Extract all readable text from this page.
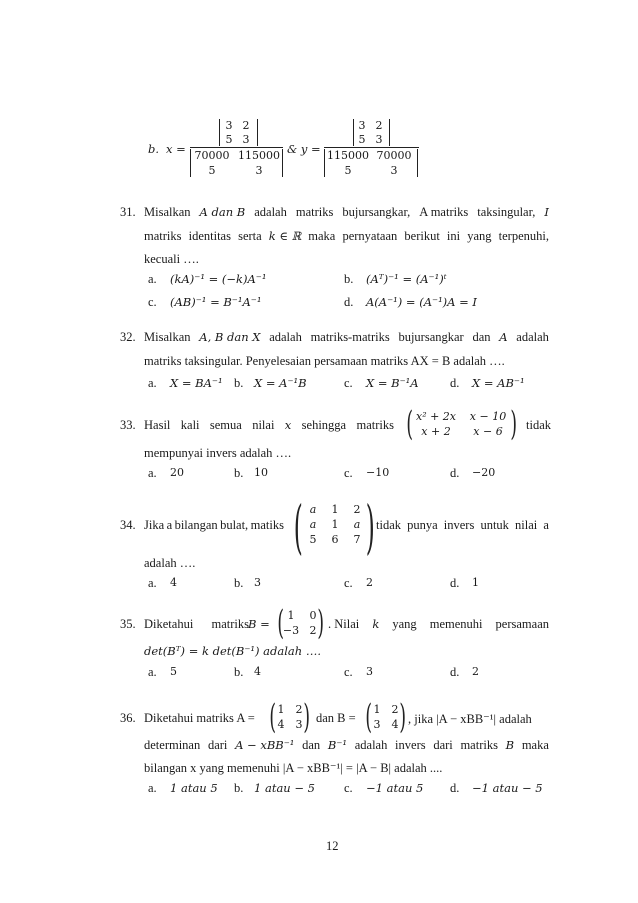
b. x =
3 2
5 3
70000 115000
5	3
& y =
3 2
5 3
115000 70000
5	3
31. Misalkan A dan B adalah matriks bujursangkar, A matriks taksingular, I
matriks identitas serta k ∈ ℝ maka pernyataan berikut ini yang terpenuhi,
kecuali ….
a. (kA)⁻¹ = (−k)A⁻¹	b. (Aᵀ)⁻¹ = (A⁻¹)ᵗ
c. (AB)⁻¹ = B⁻¹A⁻¹	d. A(A⁻¹) = (A⁻¹)A = I
32. Misalkan A, B dan X adalah matriks-matriks bujursangkar dan A adalah
matriks taksingular. Penyelesaian persamaan matriks AX = B adalah ….
a. X = BA⁻¹ b. X = A⁻¹B	c. X = B⁻¹A	d. X = AB⁻¹
33. Hasil kali semua nilai x sehingga matriks ( x² + 2x	x − 10
x + 2	x − 6 ) tidak
mempunyai invers adalah ….
a. 20	b. 10	c. −10	d. −20
34. Jika a bilangan bulat, matiks ( a	1	2
a	1	a
5	6	7 ) tidak punya invers untuk nilai a
adalah ….
a. 4	b. 3	c. 2	d. 1
35. Diketahui matriks B = ( 1	0
−3 2 ) . Nilai k yang memenuhi persamaan
det(Bᵀ) = k det(B⁻¹) adalah ….
a. 5	b. 4	c. 3	d. 2
36. Diketahui matriks A = ( 1 2
4 3 ) dan B = ( 1 2
3 4 ) , jika |A − xBB⁻¹| adalah
determinan dari A − xBB⁻¹ dan B⁻¹ adalah invers dari matriks B maka
bilangan x yang memenuhi |A − xBB⁻¹| = |A − B| adalah ....
a. 1 atau 5 b. 1 atau − 5 c. −1 atau 5 d. −1 atau − 5
12
